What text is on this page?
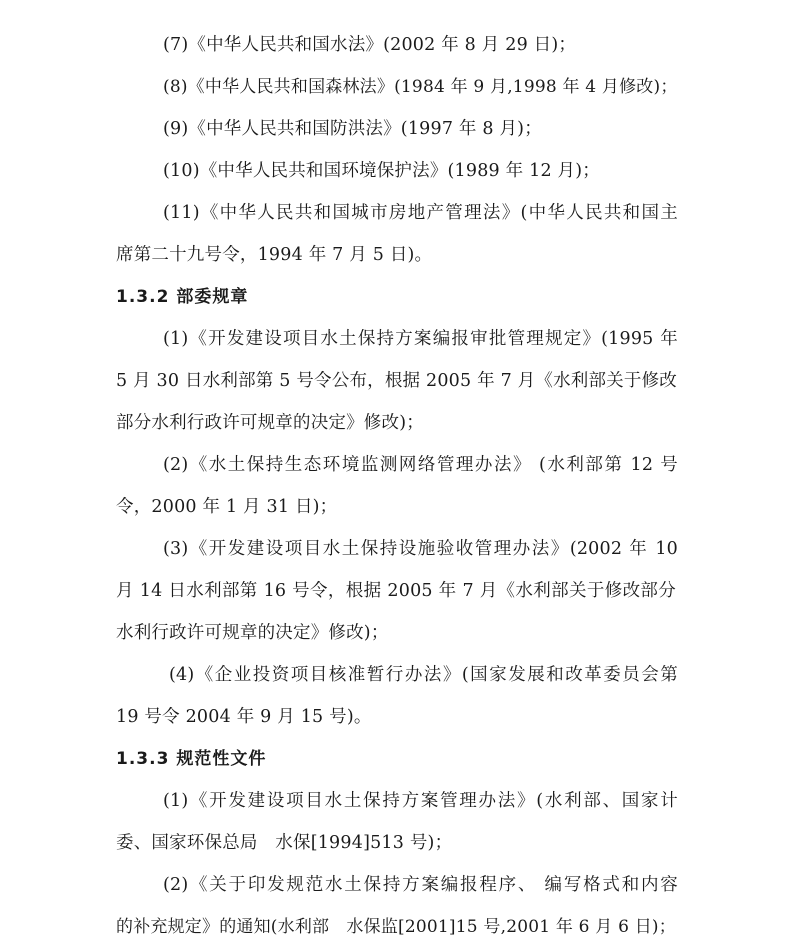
(7)《中华人民共和国水法》(2002 年 8 月 29 日)；
(8)《中华人民共和国森林法》(1984 年 9 月,1998 年 4 月修改)；
(9)《中华人民共和国防洪法》(1997 年 8 月)；
(10)《中华人民共和国环境保护法》(1989 年 12 月)；
(11)《中华人民共和国城市房地产管理法》(中华人民共和国主
席第二十九号令，1994 年 7 月 5 日)。
1.3.2 部委规章
(1)《开发建设项目水土保持方案编报审批管理规定》(1995 年
5 月 30 日水利部第 5 号令公布，根据 2005 年 7 月《水利部关于修改
部分水利行政许可规章的决定》修改)；
(2)《水土保持生态环境监测网络管理办法》 (水利部第 12 号
令，2000 年 1 月 31 日)；
(3)《开发建设项目水土保持设施验收管理办法》(2002 年 10
月 14 日水利部第 16 号令，根据 2005 年 7 月《水利部关于修改部分
水利行政许可规章的决定》修改)；
(4)《企业投资项目核准暂行办法》(国家发展和改革委员会第
19 号令 2004 年 9 月 15 号)。
1.3.3 规范性文件
(1)《开发建设项目水土保持方案管理办法》(水利部、国家计
委、国家环保总局　水保[1994]513 号)；
(2)《关于印发规范水土保持方案编报程序、 编写格式和内容
的补充规定》的通知(水利部　水保监[2001]15 号,2001 年 6 月 6 日)；
